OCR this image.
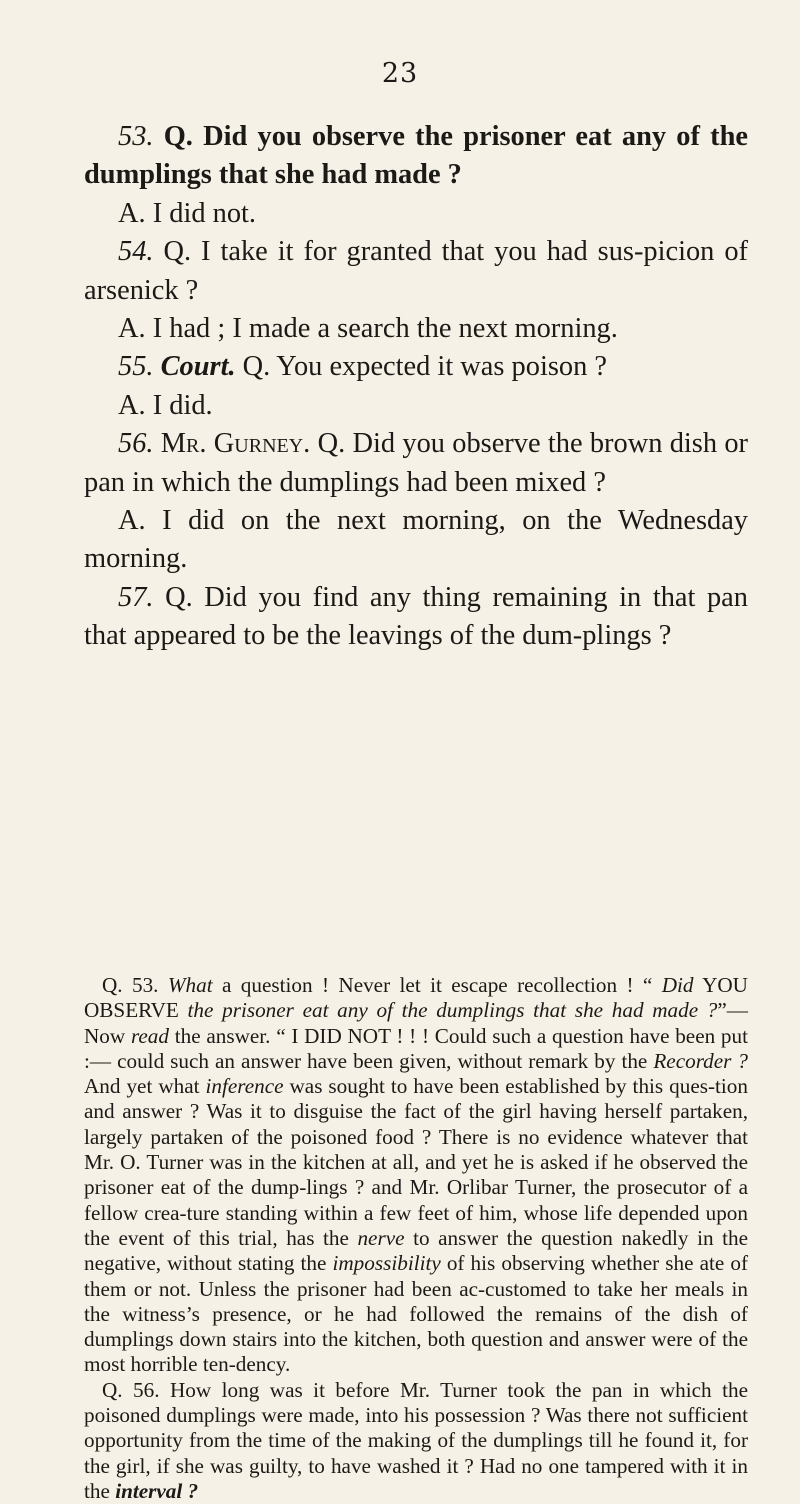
23

53. Q. Did you observe the prisoner eat any of the dumplings that she had made ?

A. I did not.

54. Q. I take it for granted that you had sus-picion of arsenick ?

A. I had ; I made a search the next morning.

55. Court. Q. You expected it was poison ?

A. I did.

56. Mr. Gurney. Q. Did you observe the brown dish or pan in which the dumplings had been mixed ?

A. I did on the next morning, on the Wednesday morning.

57. Q. Did you find any thing remaining in that pan that appeared to be the leavings of the dum-plings ?

Q. 53. What a question ! Never let it escape recollection ! “ Did YOU OBSERVE the prisoner eat any of the dumplings that she had made ?”— Now read the answer. “ I DID NOT ! ! ! Could such a question have been put :— could such an answer have been given, without remark by the Recorder ? And yet what inference was sought to have been established by this ques-tion and answer ? Was it to disguise the fact of the girl having herself partaken, largely partaken of the poisoned food ? There is no evidence whatever that Mr. O. Turner was in the kitchen at all, and yet he is asked if he observed the prisoner eat of the dump-lings ? and Mr. Orlibar Turner, the prosecutor of a fellow crea-ture standing within a few feet of him, whose life depended upon the event of this trial, has the nerve to answer the question nakedly in the negative, without stating the impossibility of his observing whether she ate of them or not. Unless the prisoner had been ac-customed to take her meals in the witness’s presence, or he had followed the remains of the dish of dumplings down stairs into the kitchen, both question and answer were of the most horrible ten-dency.

Q. 56. How long was it before Mr. Turner took the pan in which the poisoned dumplings were made, into his possession ? Was there not sufficient opportunity from the time of the making of the dumplings till he found it, for the girl, if she was guilty, to have washed it ? Had no one tampered with it in the interval ?
